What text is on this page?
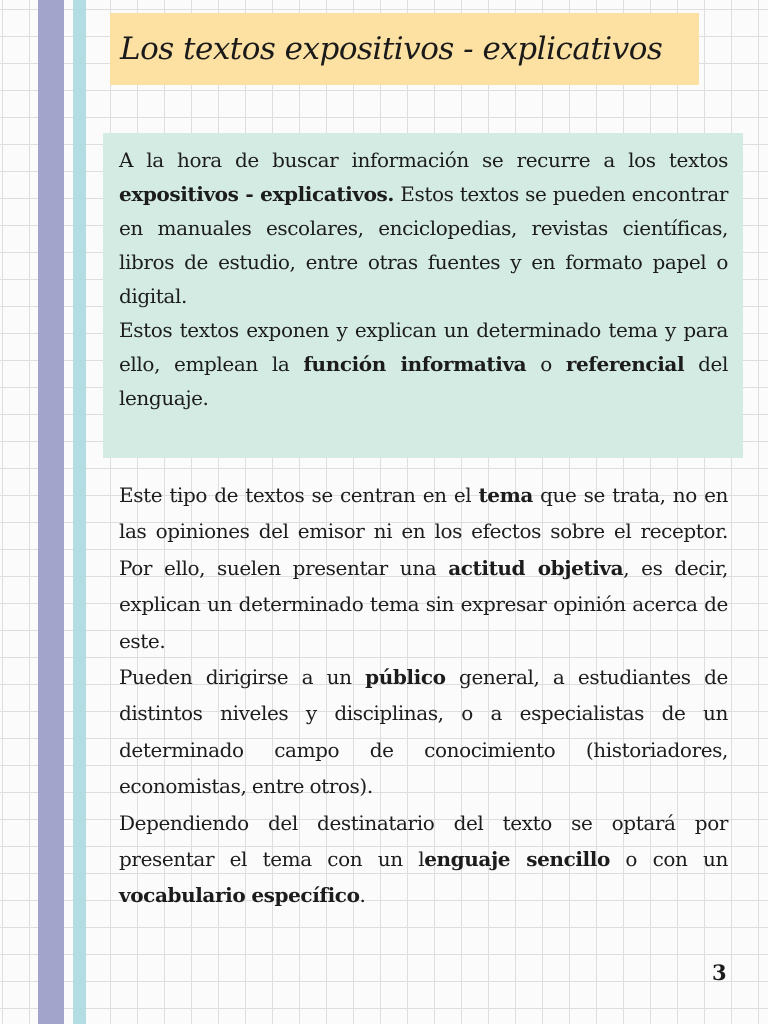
Los textos expositivos - explicativos

A la hora de buscar información se recurre a los textos expositivos - explicativos. Estos textos se pueden encontrar en manuales escolares, enciclopedias, revistas científicas, libros de estudio, entre otras fuentes y en formato papel o digital.

Estos textos exponen y explican un determinado tema y para ello, emplean la función informativa o referencial del lenguaje.

Este tipo de textos se centran en el tema que se trata, no en las opiniones del emisor ni en los efectos sobre el receptor. Por ello, suelen presentar una actitud objetiva, es decir, explican un determinado tema sin expresar opinión acerca de este.

Pueden dirigirse a un público general, a estudiantes de distintos niveles y disciplinas, o a especialistas de un determinado campo de conocimiento (historiadores, economistas, entre otros).

Dependiendo del destinatario del texto se optará por presentar el tema con un lenguaje sencillo o con un vocabulario específico.

3
